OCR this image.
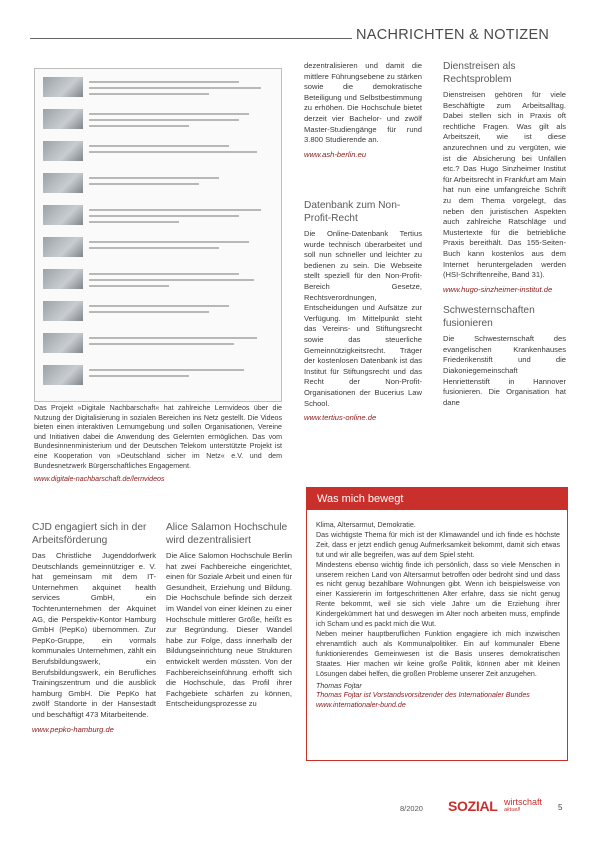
NACHRICHTEN & NOTIZEN

Das Projekt »Digitale Nachbarschaft« hat zahlreiche Lernvideos über die Nutzung der Digitalisierung in sozialen Bereichen ins Netz gestellt. Die Videos bieten einen interaktiven Lernumgebung und sollen Organisationen, Vereine und Initiativen dabei die Anwendung des Gelernten ermöglichen. Das vom Bundesinnenministerium und der Deutschen Telekom unterstützte Projekt ist eine Kooperation von »Deutschland sicher im Netz« e.V. und dem Bundesnetzwerk Bürgerschaftliches Engagement.

www.digitale-nachbarschaft.de/lernvideos

dezentralisieren und damit die mittlere Führungsebene zu stärken sowie die demokratische Beteiligung und Selbstbestimmung zu erhöhen. Die Hochschule bietet derzeit vier Bachelor- und zwölf Master-Studiengänge für rund 3.800 Studierende an.

www.ash-berlin.eu

Datenbank zum Non-Profit-Recht

Die Online-Datenbank Tertius wurde technisch überarbeitet und soll nun schneller und leichter zu bedienen zu sein. Die Webseite stellt speziell für den Non-Profit-Bereich Gesetze, Rechtsverordnungen, Entscheidungen und Aufsätze zur Verfügung. Im Mittelpunkt steht das Vereins- und Stiftungsrecht sowie das steuerliche Gemeinnützigkeitsrecht. Träger der kostenlosen Datenbank ist das Institut für Stiftungsrecht und das Recht der Non-Profit-Organisationen der Bucerius Law School.

www.tertius-online.de

Dienstreisen als Rechtsproblem

Dienstreisen gehören für viele Beschäftigte zum Arbeitsalltag. Dabei stellen sich in Praxis oft rechtliche Fragen. Was gilt als Arbeitszeit, wie ist diese anzurechnen und zu vergüten, wie ist die Absicherung bei Unfällen etc.? Das Hugo Sinzheimer Institut für Arbeitsrecht in Frankfurt am Main hat nun eine umfangreiche Schrift zu dem Thema vorgelegt, das neben den juristischen Aspekten auch zahlreiche Ratschläge und Mustertexte für die betriebliche Praxis bereithält. Das 155-Seiten-Buch kann kostenlos aus dem Internet heruntergeladen werden (HSI-Schriftenreihe, Band 31).

www.hugo-sinzheimer-institut.de

Schwesternschaften fusionieren

Die Schwesternschaft des evangelischen Krankenhauses Friederikenstift und die Diakoniegemeinschaft Henriettenstift in Hannover fusionieren. Die Organisation hat dane

CJD engagiert sich in der Arbeitsförderung

Das Christliche Jugenddorfwerk Deutschlands gemeinnütziger e. V. hat gemeinsam mit dem IT-Unternehmen akquinet health services GmbH, ein Tochterunternehmen der Akquinet AG, die Perspektiv-Kontor Hamburg GmbH (PepKo) übernommen. Zur PepKo-Gruppe, ein vormals kommunales Unternehmen, zählt ein Berufsbildungswerk, ein Berufsbildungswerk, ein Berufliches Trainingszentrum und die ausblick hamburg GmbH. Die PepKo hat zwölf Standorte in der Hansestadt und beschäftigt 473 Mitarbeitende.

www.pepko-hamburg.de

Alice Salamon Hochschule wird dezentralisiert

Die Alice Salomon Hochschule Berlin hat zwei Fachbereiche eingerichtet, einen für Soziale Arbeit und einen für Gesundheit, Erziehung und Bildung. Die Hochschule befinde sich derzeit im Wandel von einer kleinen zu einer Hochschule mittlerer Größe, heißt es zur Begründung. Dieser Wandel habe zur Folge, dass innerhalb der Bildungseinrichtung neue Strukturen entwickelt werden müssten. Von der Fachbereichseinführung erhofft sich die Hochschule, das Profil ihrer Fachgebiete schärfen zu können, Entscheidungsprozesse zu

Was mich bewegt

Klima, Altersarmut, Demokratie.

Das wichtigste Thema für mich ist der Klimawandel und ich finde es höchste Zeit, dass er jetzt endlich genug Aufmerksamkeit bekommt, damit sich etwas tut und wir alle begreifen, was auf dem Spiel steht.

Mindestens ebenso wichtig finde ich persönlich, dass so viele Menschen in unserem reichen Land von Altersarmut betroffen oder bedroht sind und dass es nicht genug bezahlbare Wohnungen gibt. Wenn ich beispielsweise von einer Kassiererin im fortgeschrittenen Alter erfahre, dass sie nicht genug Rente bekommt, weil sie sich viele Jahre um die Erziehung ihrer Kindergekümmert hat und deswegen im Alter noch arbeiten muss, empfinde ich Scham und es packt mich die Wut.

Neben meiner hauptberuflichen Funktion engagiere ich mich inzwischen ehrenamtlich auch als Kommunalpolitiker. Ein auf kommunaler Ebene funktionierendes Gemeinwesen ist die Basis unseres demokratischen Staates. Hier machen wir keine große Politik, können aber mit kleinen Lösungen dabei helfen, die großen Probleme unserer Zeit anzugehen.

Thomas Fojtar

Thomas Fojtar ist Vorstandsvorsitzender des Internationaler Bundes

www.internationaler-bund.de
8/2020 SOZIAL wirtschaft
aktuell	5
